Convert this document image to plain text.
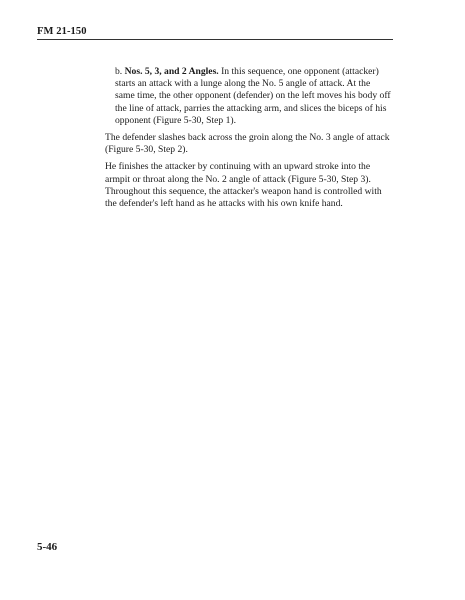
FM 21-150

b. Nos. 5, 3, and 2 Angles. In this sequence, one opponent (attacker) starts an attack with a lunge along the No. 5 angle of attack. At the same time, the other opponent (defender) on the left moves his body off the line of attack, parries the attacking arm, and slices the biceps of his opponent (Figure 5-30, Step 1).

The defender slashes back across the groin along the No. 3 angle of attack (Figure 5-30, Step 2).

He finishes the attacker by continuing with an upward stroke into the armpit or throat along the No. 2 angle of attack (Figure 5-30, Step 3). Throughout this sequence, the attacker's weapon hand is controlled with the defender's left hand as he attacks with his own knife hand.

5-46
